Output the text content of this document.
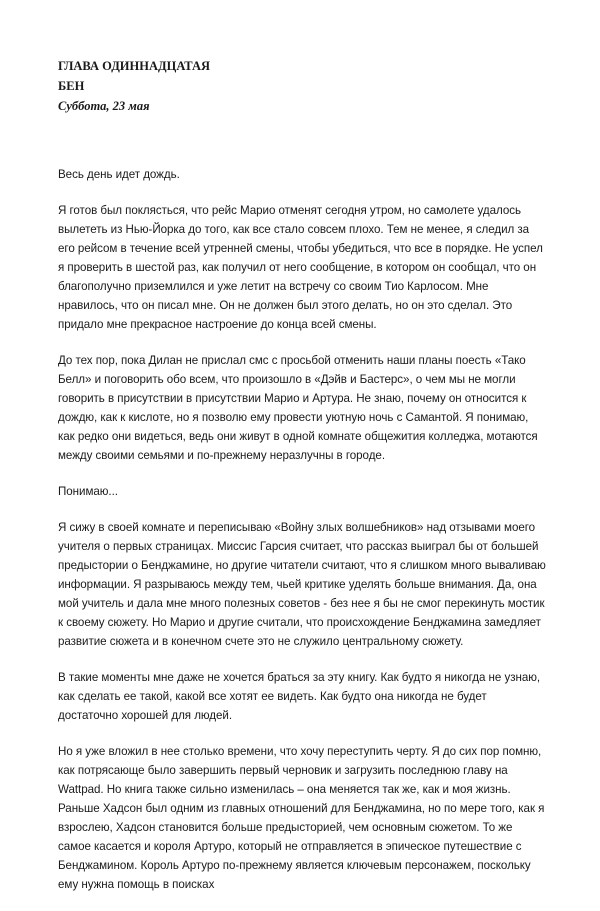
ГЛАВА ОДИННАДЦАТАЯ

БЕН

Суббота, 23 мая

Весь день идет дождь.

Я готов был поклясться, что рейс Марио отменят сегодня утром, но самолете удалось вылететь из Нью-Йорка до того, как все стало совсем плохо. Тем не менее, я следил за его рейсом в течение всей утренней смены, чтобы убедиться, что все в порядке. Не успел я проверить в шестой раз, как получил от него сообщение, в котором он сообщал, что он благополучно приземлился и уже летит на встречу со своим Тио Карлосом. Мне нравилось, что он писал мне. Он не должен был этого делать, но он это сделал. Это придало мне прекрасное настроение до конца всей смены.

До тех пор, пока Дилан не прислал смс с просьбой отменить наши планы поесть «Тако Белл» и поговорить обо всем, что произошло в «Дэйв и Бастерс», о чем мы не могли говорить в присутствии в присутствии Марио и Артура. Не знаю, почему он относится к дождю, как к кислоте, но я позволю ему провести уютную ночь с Самантой. Я понимаю, как редко они видеться, ведь они живут в одной комнате общежития колледжа, мотаются между своими семьями и по-прежнему неразлучны в городе.

Понимаю...

Я сижу в своей комнате и переписываю «Войну злых волшебников» над отзывами моего учителя о первых страницах. Миссис Гарсия считает, что рассказ выиграл бы от большей предыстории о Бенджамине, но другие читатели считают, что я слишком много вываливаю информации. Я разрываюсь между тем, чьей критике уделять больше внимания. Да, она мой учитель и дала мне много полезных советов - без нее я бы не смог перекинуть мостик к своему сюжету. Но Марио и другие считали, что происхождение Бенджамина замедляет развитие сюжета и в конечном счете это не служило центральному сюжету.

В такие моменты мне даже не хочется браться за эту книгу. Как будто я никогда не узнаю, как сделать ее такой, какой все хотят ее видеть. Как будто она никогда не будет достаточно хорошей для людей.

Но я уже вложил в нее столько времени, что хочу переступить черту. Я до сих пор помню, как потрясающе было завершить первый черновик и загрузить последнюю главу на Wattpad. Но книга также сильно изменилась – она меняется так же, как и моя жизнь. Раньше Хадсон был одним из главных отношений для Бенджамина, но по мере того, как я взрослею, Хадсон становится больше предысторией, чем основным сюжетом. То же самое касается и короля Артуро, который не отправляется в эпическое путешествие с Бенджамином. Король Артуро по-прежнему является ключевым персонажем, поскольку ему нужна помощь в поисках
